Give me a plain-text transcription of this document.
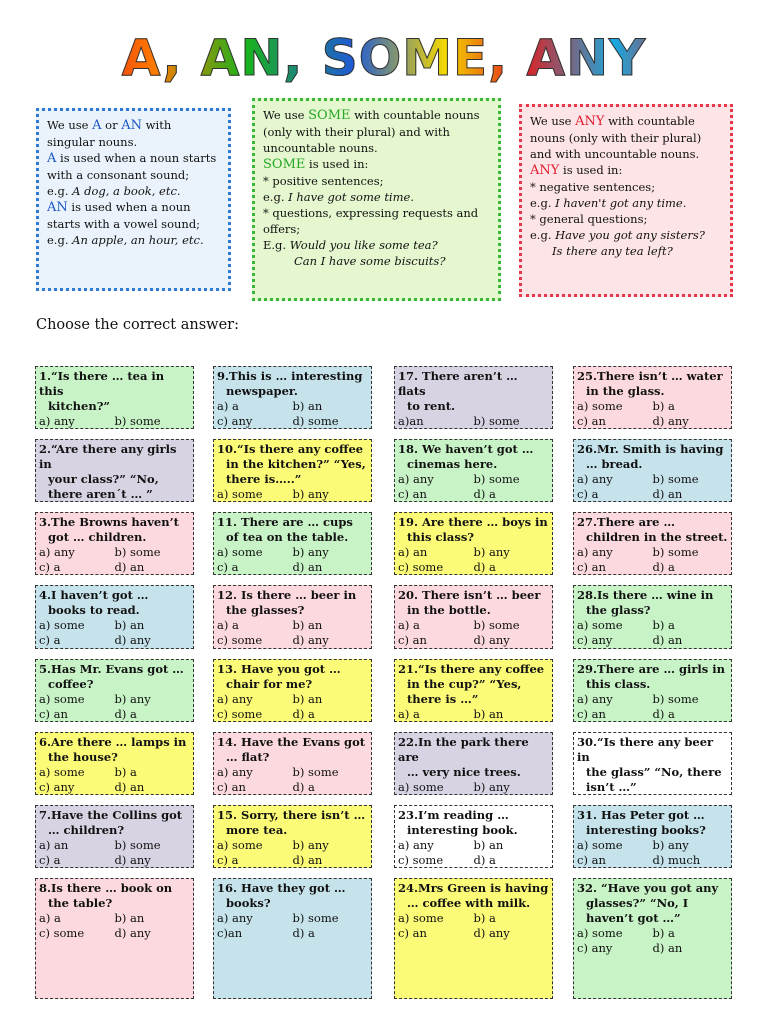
A, AN, SOME, ANY
We use A or AN with
singular nouns.
A is used when a noun starts
with a consonant sound;
e.g. A dog, a book, etc.
AN is used when a noun
starts with a vowel sound;
e.g. An apple, an hour, etc.
We use SOME with countable nouns
(only with their plural) and with
uncountable nouns.
SOME is used in:
* positive sentences;
e.g. I have got some time.
* questions, expressing requests and
offers;
E.g. Would you like some tea?
Can I have some biscuits?
We use ANY with countable
nouns (only with their plural)
and with uncountable nouns.
ANY is used in:
* negative sentences;
e.g. I haven't got any time.
* general questions;
e.g. Have you got any sisters?
Is there any tea left?
Choose the correct answer:
1.“Is there … tea in this
kitchen?”
a) any	b) some
2.“Are there any girls in
your class?” “No,
there aren´t … ”
3.The Browns haven’t
got … children.
a) any	b) some
c) a	d) an
4.I haven’t got …
books to read.
a) some	b) an
c) a	d) any
5.Has Mr. Evans got …
coffee?
a) some	b) any
c) an	d) a
6.Are there … lamps in
the house?
a) some	b) a
c) any	d) an
7.Have the Collins got
… children?
a) an	b) some
c) a	d) any
8.Is there … book on
the table?
a) a	b) an
c) some	d) any
9.This is … interesting
newspaper.
a) a	b) an
c) any	d) some
10.“Is there any coffee
in the kitchen?” “Yes,
there is…..”
a) some	b) any
11. There are … cups
of tea on the table.
a) some	b) any
c) a	d) an
12. Is there … beer in
the glasses?
a) a	b) an
c) some	d) any
13. Have you got …
chair for me?
a) any	b) an
c) some	d) a
14. Have the Evans got
… flat?
a) any	b) some
c) an	d) a
15. Sorry, there isn’t …
more tea.
a) some	b) any
c) a	d) an
16. Have they got …
books?
a) any	b) some
c)an	d) a
17. There aren’t … flats
to rent.
a)an	b) some
18. We haven’t got …
cinemas here.
a) any	b) some
c) an	d) a
19. Are there … boys in
this class?
a) an	b) any
c) some	d) a
20. There isn’t … beer
in the bottle.
a) a	b) some
c) an	d) any
21.“Is there any coffee
in the cup?” “Yes,
there is …”
a) a	b) an
22.In the park there are
… very nice trees.
a) some	b) any
23.I’m reading …
interesting book.
a) any	b) an
c) some	d) a
24.Mrs Green is having
… coffee with milk.
a) some	b) a
c) an	d) any
25.There isn’t … water
in the glass.
a) some	b) a
c) an	d) any
26.Mr. Smith is having
… bread.
a) any	b) some
c) a	d) an
27.There are …
children in the street.
a) any	b) some
c) an	d) a
28.Is there … wine in
the glass?
a) some	b) a
c) any	d) an
29.There are … girls in
this class.
a) any	b) some
c) an	d) a
30.“Is there any beer in
the glass” “No, there
isn’t …”
31. Has Peter got …
interesting books?
a) some	b) any
c) an	d) much
32. “Have you got any
glasses?” “No, I
haven’t got …”
a) some	b) a
c) any	d) an
